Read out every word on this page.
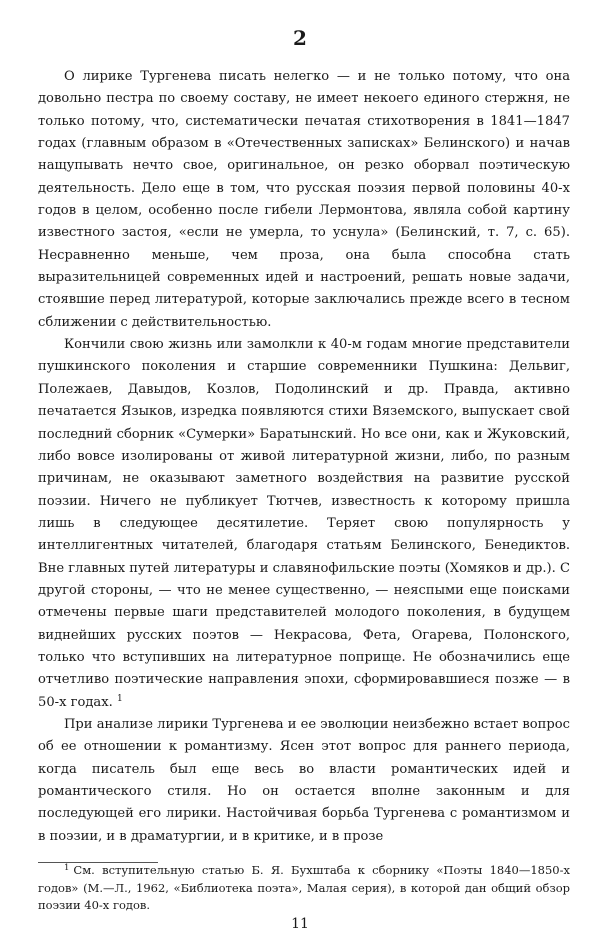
2

О лирике Тургенева писать нелегко — и не только потому, что она довольно пестра по своему составу, не имеет некоего единого стержня, не только потому, что, систематически печатая стихотворения в 1841—1847 годах (главным образом в «Отечественных записках» Белинского) и начав нащупывать нечто свое, оригинальное, он резко оборвал поэтическую деятельность. Дело еще в том, что русская поэзия первой половины 40-х годов в целом, особенно после гибели Лермонтова, являла собой картину известного застоя, «если не умерла, то уснула» (Белинский, т. 7, с. 65). Несравненно меньше, чем проза, она была способна стать выразительницей современных идей и настроений, решать новые задачи, стоявшие перед литературой, которые заключались прежде всего в тесном сближении с действительностью.

Кончили свою жизнь или замолкли к 40-м годам многие представители пушкинского поколения и старшие современники Пушкина: Дельвиг, Полежаев, Давыдов, Козлов, Подолинский и др. Правда, активно печатается Языков, изредка появляются стихи Вяземского, выпускает свой последний сборник «Сумерки» Баратынский. Но все они, как и Жуковский, либо вовсе изолированы от живой литературной жизни, либо, по разным причинам, не оказывают заметного воздействия на развитие русской поэзии. Ничего не публикует Тютчев, известность к которому пришла лишь в следующее десятилетие. Теряет свою популярность у интеллигентных читателей, благодаря статьям Белинского, Бенедиктов. Вне главных путей литературы и славянофильские поэты (Хомяков и др.). С другой стороны, — что не менее существенно, — неяспыми еще поисками отмечены первые шаги представителей молодого поколения, в будущем виднейших русских поэтов — Некрасова, Фета, Огарева, Полонского, только что вступивших на литературное поприще. Не обозначились еще отчетливо поэтические направления эпохи, сформировавшиеся позже — в 50-х годах. $^1$

При анализе лирики Тургенева и ее эволюции неизбежно встает вопрос об ее отношении к романтизму. Ясен этот вопрос для раннего периода, когда писатель был еще весь во власти романтических идей и романтического стиля. Но он остается вполне законным и для последующей его лирики. Настойчивая борьба Тургенева с романтизмом и в поэзии, и в драматургии, и в критике, и в прозе

$^1$ См. вступительную статью Б. Я. Бухштаба к сборнику «Поэты 1840—1850-х годов» (М.—Л., 1962, «Библиотека поэта», Малая серия), в которой дан общий обзор поэзии 40-х годов.

11
